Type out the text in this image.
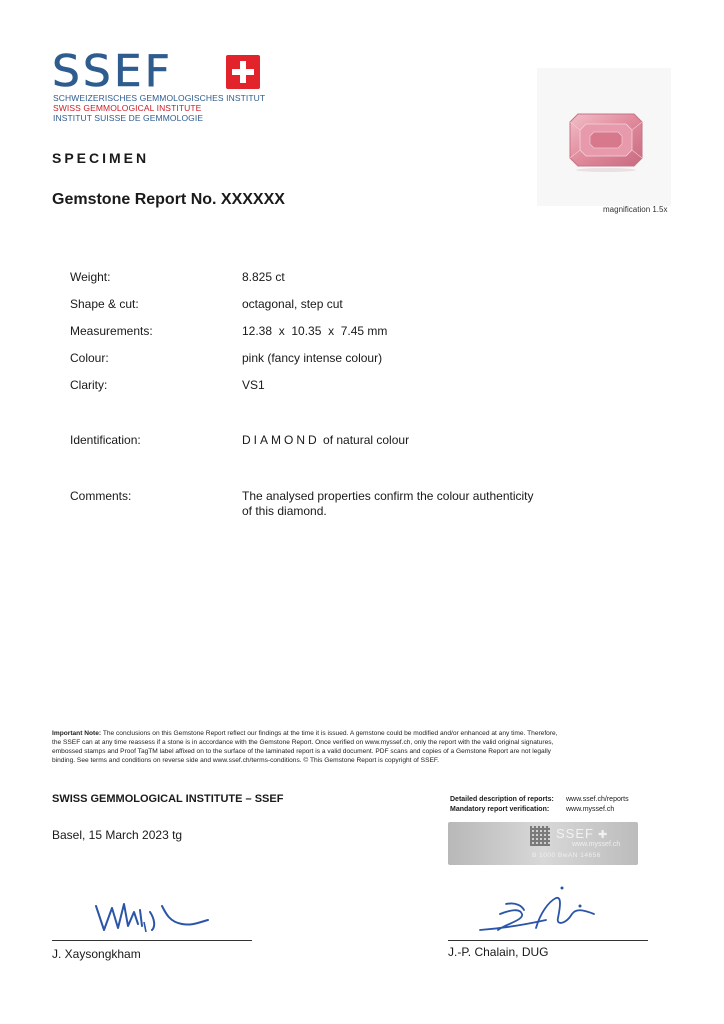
SSEF
SCHWEIZERISCHES GEMMOLOGISCHES INSTITUT
SWISS GEMMOLOGICAL INSTITUTE
INSTITUT SUISSE DE GEMMOLOGIE
SPECIMEN
Gemstone Report No. XXXXXX
magnification 1.5x
Weight:	8.825 ct
Shape & cut:	octagonal, step cut
Measurements:	12.38  x  10.35  x  7.45 mm
Colour:	pink (fancy intense colour)
Clarity:	VS1
Identification:	DIAMOND of natural colour
Comments:	The analysed properties confirm the colour authenticity
of this diamond.
Important Note: The conclusions on this Gemstone Report reflect our findings at the time it is issued. A gemstone could be modified and/or enhanced at any time. Therefore,
the SSEF can at any time reassess if a stone is in accordance with the Gemstone Report. Once verified on www.myssef.ch, only the report with the valid original signatures,
embossed stamps and Proof TagTM label affixed on to the surface of the laminated report is a valid document. PDF scans and copies of a Gemstone Report are not legally
binding. See terms and conditions on reverse side and www.ssef.ch/terms-conditions. © This Gemstone Report is copyright of SSEF.
SWISS GEMMOLOGICAL INSTITUTE – SSEF
Basel, 15 March 2023 tg
Detailed description of reports: www.ssef.ch/reports
Mandatory report verification: www.myssef.ch
SSEF ✚
www.myssef.ch
B 1000 BwAN 14656
J. Xaysongkham	J.-P. Chalain, DUG
